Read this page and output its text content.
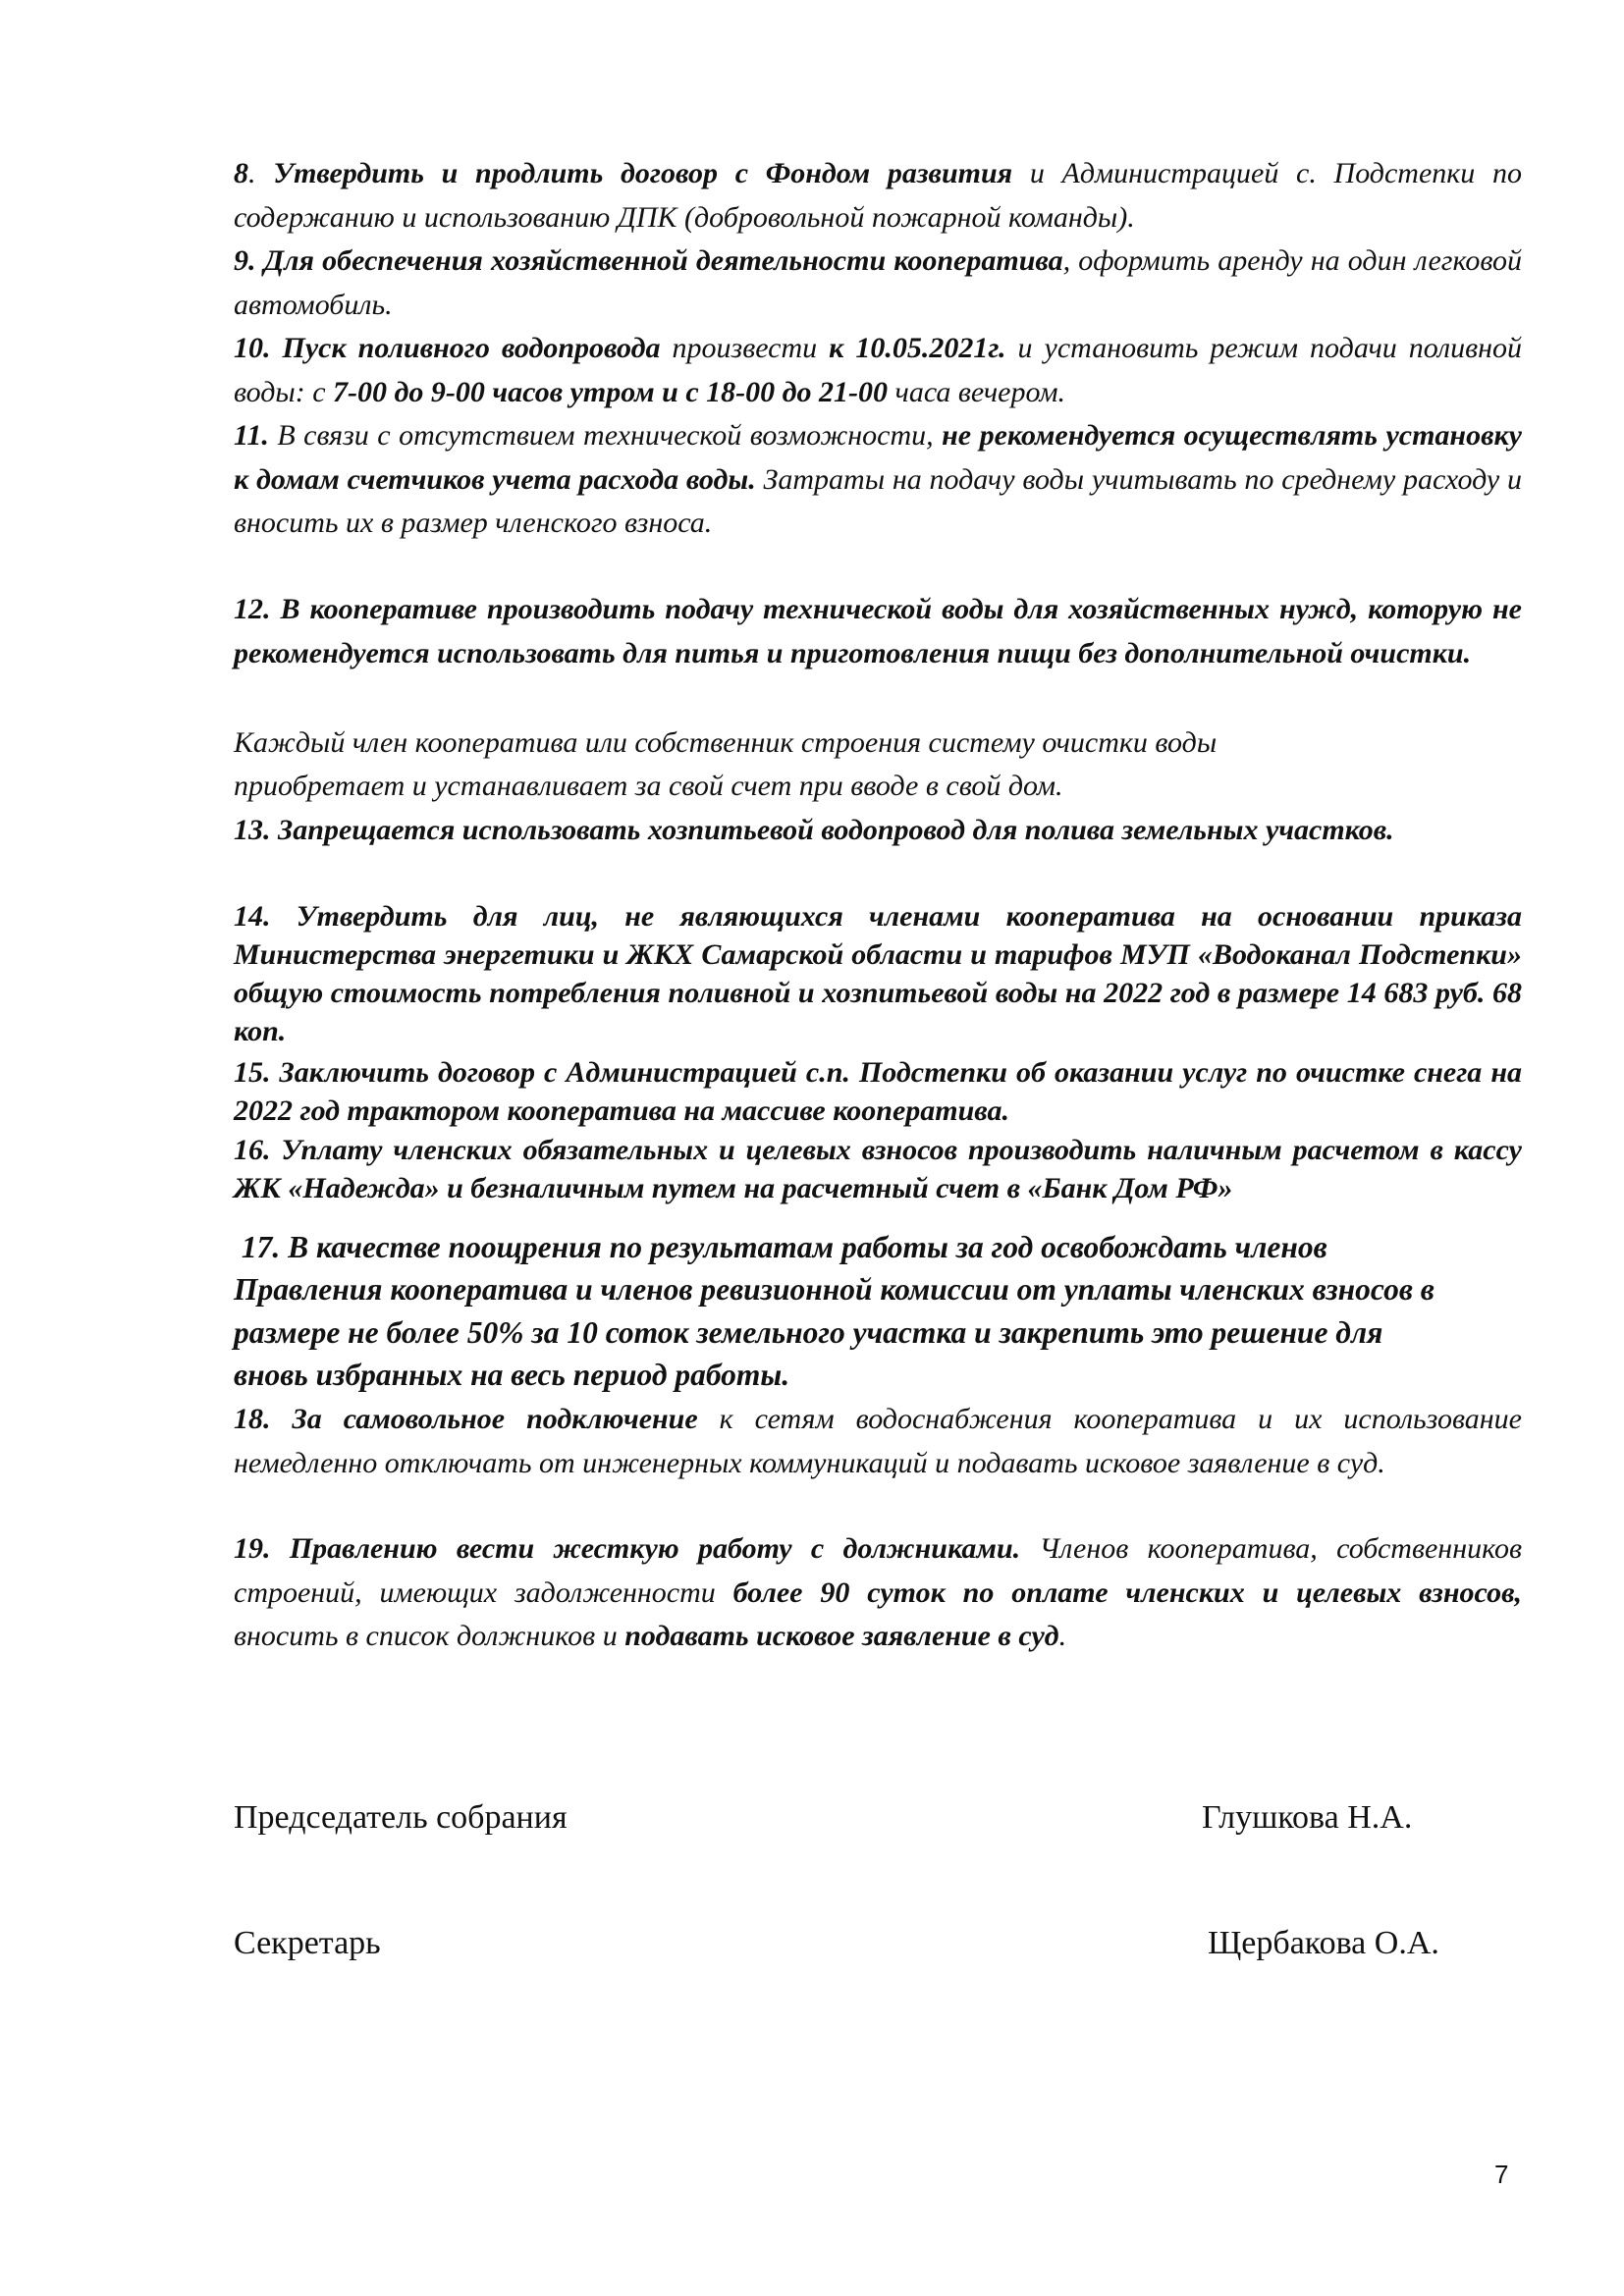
8. Утвердить и продлить договор с Фондом развития и Администрацией с. Подстепки по содержанию и использованию ДПК (добровольной пожарной команды).

9. Для обеспечения хозяйственной деятельности кооператива, оформить аренду на один легковой автомобиль.

10. Пуск поливного водопровода произвести к 10.05.2021г. и установить режим подачи поливной воды: с 7-00 до 9-00 часов утром и с 18-00 до 21-00 часа вечером.

11. В связи с отсутствием технической возможности, не рекомендуется осуществлять установку к домам счетчиков учета расхода воды. Затраты на подачу воды учитывать по среднему расходу и вносить их в размер членского взноса.

12. В кооперативе производить подачу технической воды для хозяйственных нужд, которую не рекомендуется использовать для питья и приготовления пищи без дополнительной очистки.

Каждый член кооператива или собственник строения систему очистки воды

приобретает и устанавливает за свой счет при вводе в свой дом.

13. Запрещается использовать хозпитьевой водопровод для полива земельных участков.

14. Утвердить для лиц, не являющихся членами кооператива на основании приказа Министерства энергетики и ЖКХ Самарской области и тарифов МУП «Водоканал Подстепки» общую стоимость потребления поливной и хозпитьевой воды на 2022 год в размере 14 683 руб. 68 коп.

15. Заключить договор с Администрацией с.п. Подстепки об оказании услуг по очистке снега на 2022 год трактором кооператива на массиве кооператива.

16. Уплату членских обязательных и целевых взносов производить наличным расчетом в кассу ЖК «Надежда» и безналичным путем на расчетный счет в «Банк Дом РФ»

17. В качестве поощрения по результатам работы за год освобождать членов

Правления кооператива и членов ревизионной комиссии от уплаты членских взносов в

размере не более 50% за 10 соток земельного участка и закрепить это решение для

вновь избранных на весь период работы.

18. За самовольное подключение к сетям водоснабжения кооператива и их использование немедленно отключать от инженерных коммуникаций и подавать исковое заявление в суд.

19. Правлению вести жесткую работу с должниками. Членов кооператива, собственников строений, имеющих задолженности более 90 суток по оплате членских и целевых взносов, вносить в список должников и подавать исковое заявление в суд.

Председатель собрания	Глушкова Н.А.
Секретарь	Щербакова О.А.
7
